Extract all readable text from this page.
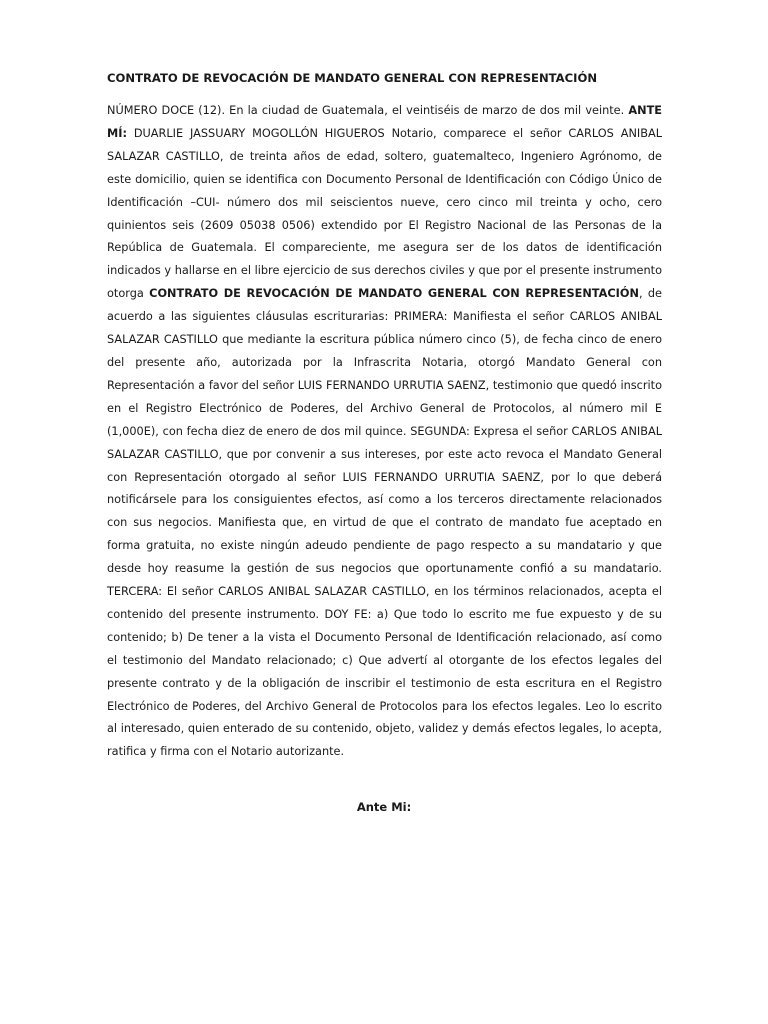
CONTRATO DE REVOCACIÓN DE MANDATO GENERAL CON REPRESENTACIÓN

NÚMERO DOCE (12). En la ciudad de Guatemala, el veintiséis de marzo de dos mil veinte. ANTE MÍ: DUARLIE JASSUARY MOGOLLÓN HIGUEROS Notario, comparece el señor CARLOS ANIBAL SALAZAR CASTILLO, de treinta años de edad, soltero, guatemalteco, Ingeniero Agrónomo, de este domicilio, quien se identifica con Documento Personal de Identificación con Código Único de Identificación –CUI- número dos mil seiscientos nueve, cero cinco mil treinta y ocho, cero quinientos seis (2609 05038 0506) extendido por El Registro Nacional de las Personas de la República de Guatemala. El compareciente, me asegura ser de los datos de identificación indicados y hallarse en el libre ejercicio de sus derechos civiles y que por el presente instrumento otorga CONTRATO DE REVOCACIÓN DE MANDATO GENERAL CON REPRESENTACIÓN, de acuerdo a las siguientes cláusulas escriturarias: PRIMERA: Manifiesta el señor CARLOS ANIBAL SALAZAR CASTILLO que mediante la escritura pública número cinco (5), de fecha cinco de enero del presente año, autorizada por la Infrascrita Notaria, otorgó Mandato General con Representación a favor del señor LUIS FERNANDO URRUTIA SAENZ, testimonio que quedó inscrito en el Registro Electrónico de Poderes, del Archivo General de Protocolos, al número mil E (1,000E), con fecha diez de enero de dos mil quince. SEGUNDA: Expresa el señor CARLOS ANIBAL SALAZAR CASTILLO, que por convenir a sus intereses, por este acto revoca el Mandato General con Representación otorgado al señor LUIS FERNANDO URRUTIA SAENZ, por lo que deberá notificársele para los consiguientes efectos, así como a los terceros directamente relacionados con sus negocios. Manifiesta que, en virtud de que el contrato de mandato fue aceptado en forma gratuita, no existe ningún adeudo pendiente de pago respecto a su mandatario y que desde hoy reasume la gestión de sus negocios que oportunamente confió a su mandatario. TERCERA: El señor CARLOS ANIBAL SALAZAR CASTILLO, en los términos relacionados, acepta el contenido del presente instrumento. DOY FE: a) Que todo lo escrito me fue expuesto y de su contenido; b) De tener a la vista el Documento Personal de Identificación relacionado, así como el testimonio del Mandato relacionado; c) Que advertí al otorgante de los efectos legales del presente contrato y de la obligación de inscribir el testimonio de esta escritura en el Registro Electrónico de Poderes, del Archivo General de Protocolos para los efectos legales. Leo lo escrito al interesado, quien enterado de su contenido, objeto, validez y demás efectos legales, lo acepta, ratifica y firma con el Notario autorizante.

Ante Mi:
